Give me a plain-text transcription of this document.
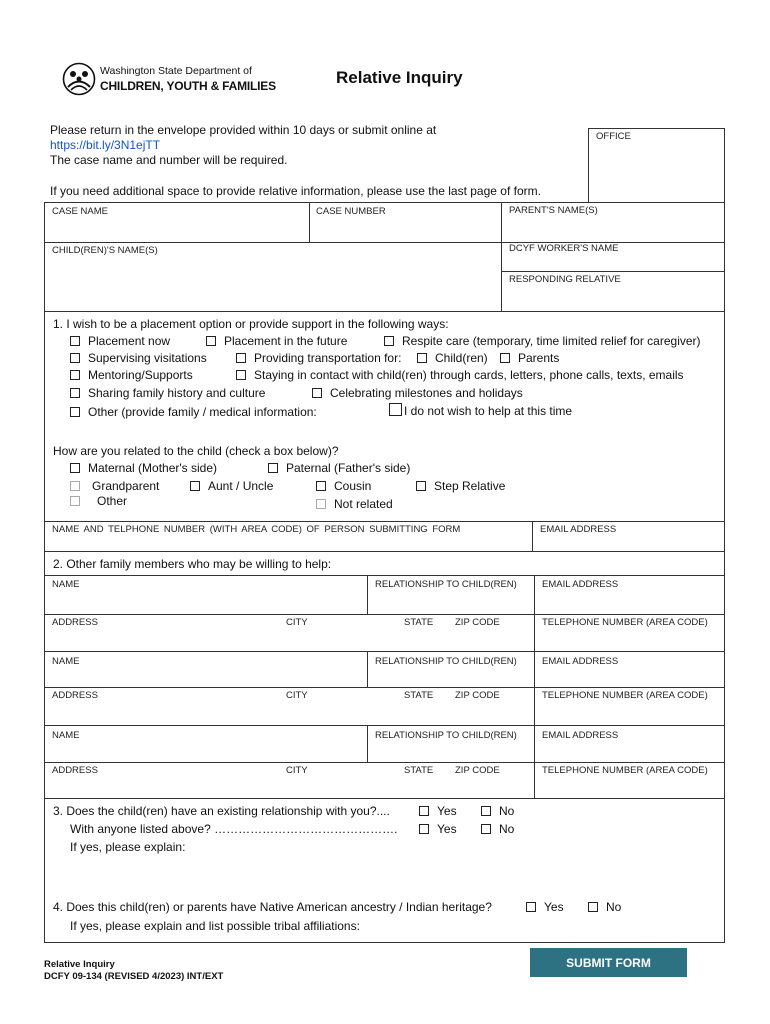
Washington State Department of
CHILDREN, YOUTH & FAMILIES	Relative Inquiry
Please return in the envelope provided within 10 days or submit online at
https://bit.ly/3N1ejTT
The case name and number will be required.
If you need additional space to provide relative information, please use the last page of form.
OFFICE
CASE NAME	CASE NUMBER	PARENT'S NAME(S)
CHILD(REN)'S NAME(S)	DCYF WORKER'S NAME
RESPONDING RELATIVE
1. I wish to be a placement option or provide support in the following ways:
Placement now	Placement in the future	Respite care (temporary, time limited relief for caregiver)
Supervising visitations	Providing transportation for:	Child(ren)	Parents
Mentoring/Supports	Staying in contact with child(ren) through cards, letters, phone calls, texts, emails
Sharing family history and culture	Celebrating milestones and holidays
Other (provide family / medical information:	I do not wish to help at this time
How are you related to the child (check a box below)?
Maternal (Mother's side)	Paternal (Father's side)
Grandparent	Aunt / Uncle	Cousin	Step Relative
Other	Not related
NAME AND TELPHONE NUMBER (WITH AREA CODE) OF PERSON SUBMITTING FORM	EMAIL ADDRESS
2. Other family members who may be willing to help:
NAME	RELATIONSHIP TO CHILD(REN)	EMAIL ADDRESS
ADDRESS	CITY	STATE ZIP CODE	TELEPHONE NUMBER (AREA CODE)
NAME	RELATIONSHIP TO CHILD(REN)	EMAIL ADDRESS
ADDRESS	CITY	STATE ZIP CODE	TELEPHONE NUMBER (AREA CODE)
NAME	RELATIONSHIP TO CHILD(REN)	EMAIL ADDRESS
ADDRESS	CITY	STATE ZIP CODE	TELEPHONE NUMBER (AREA CODE)
3. Does the child(ren) have an existing relationship with you?....	Yes	No
With anyone listed above? ……………………………………….	Yes	No
If yes, please explain:
4. Does this child(ren) or parents have Native American ancestry / Indian heritage?	Yes	No
If yes, please explain and list possible tribal affiliations:
SUBMIT FORM
Relative Inquiry
DCFY 09-134 (REVISED 4/2023) INT/EXT
